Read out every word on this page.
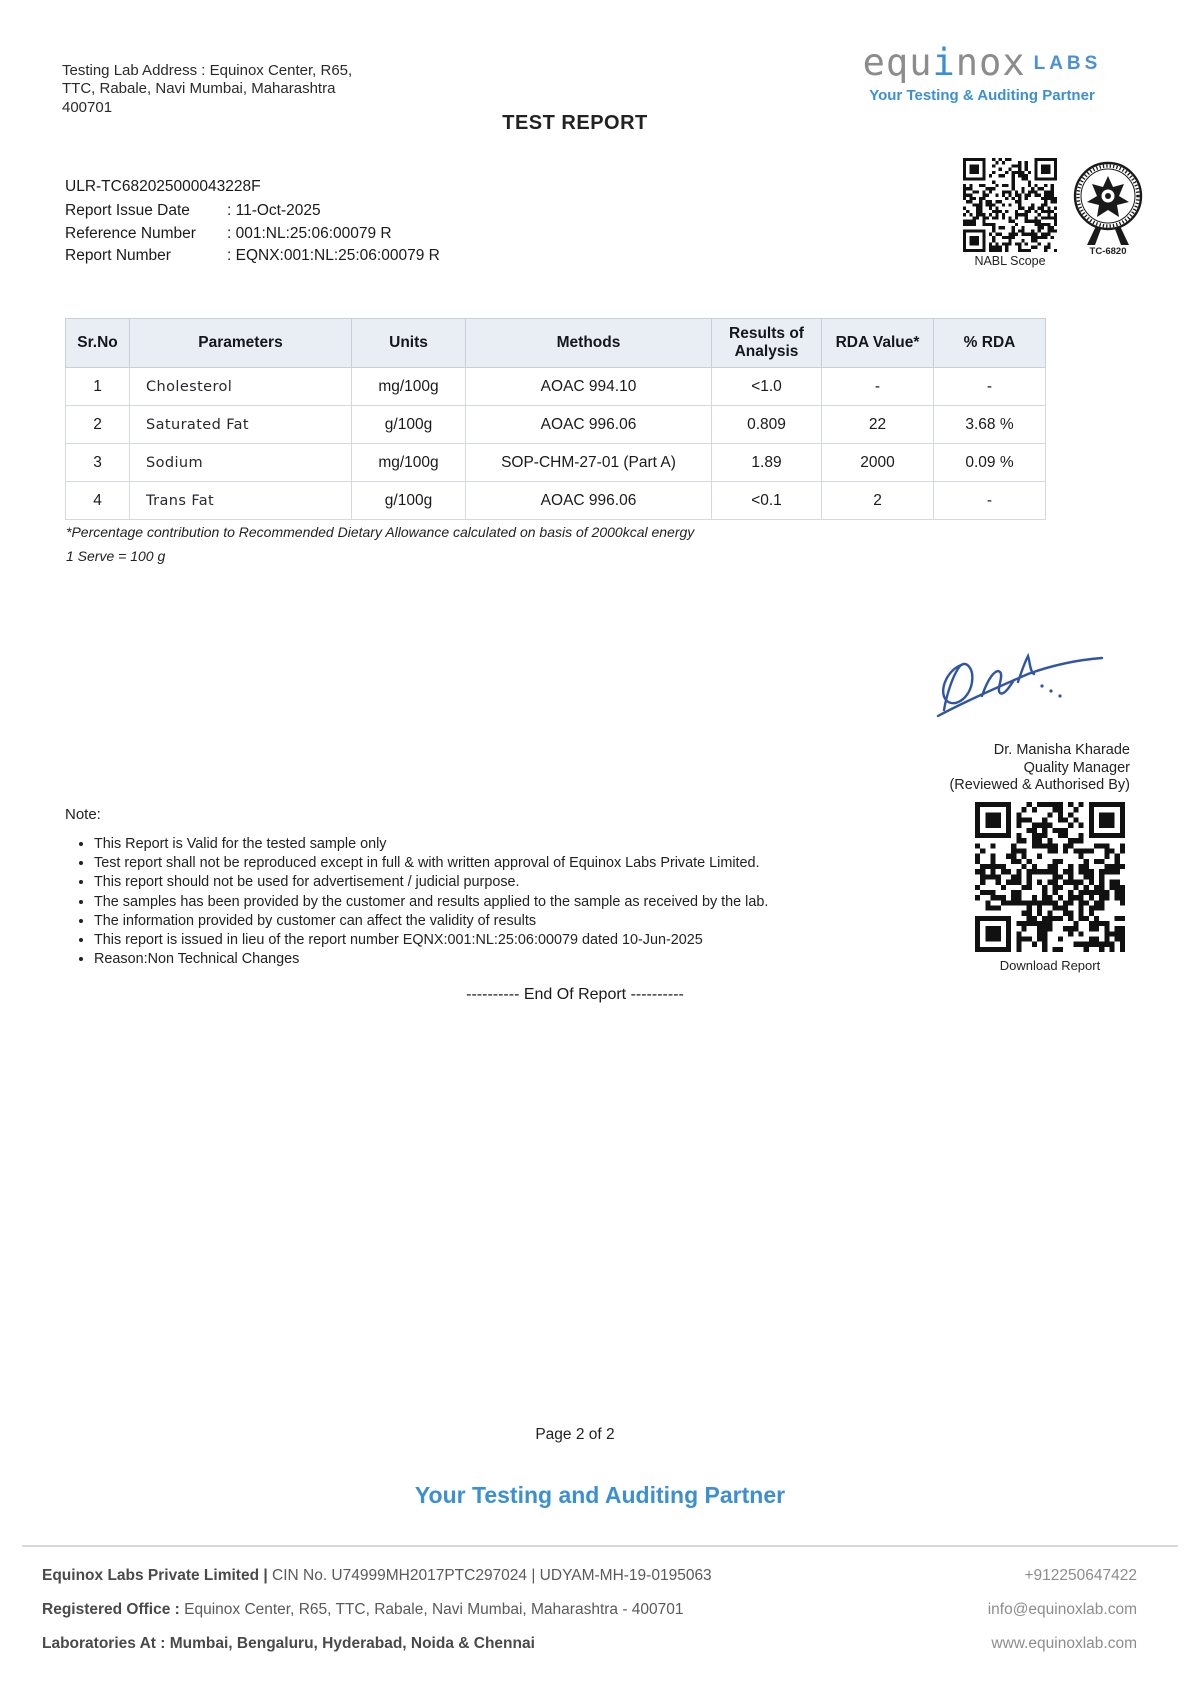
Testing Lab Address : Equinox Center, R65,
TTC, Rabale, Navi Mumbai, Maharashtra
400701
equinox LABS
Your Testing & Auditing Partner
TEST REPORT
ULR-TC682025000043228F
Report Issue Date	: 11-Oct-2025
Reference Number	: 001:NL:25:06:00079 R
Report Number	: EQNX:001:NL:25:06:00079 R	NABL Scope
TC-6820
Sr.No	Parameters	Units	Methods	Results of Analysis	RDA Value*	% RDA
1	Cholesterol	mg/100g	AOAC 994.10	<1.0	-	-
2	Saturated Fat	g/100g	AOAC 996.06	0.809	22	3.68 %
3	Sodium	mg/100g	SOP-CHM-27-01 (Part A)	1.89	2000	0.09 %
4	Trans Fat	g/100g	AOAC 996.06	<0.1	2	-
*Percentage contribution to Recommended Dietary Allowance calculated on basis of 2000kcal energy
1 Serve = 100 g
Dr. Manisha Kharade
Quality Manager
(Reviewed & Authorised By)
Note:
• This Report is Valid for the tested sample only
• Test report shall not be reproduced except in full & with written approval of Equinox Labs Private Limited.
• This report should not be used for advertisement / judicial purpose.
• The samples has been provided by the customer and results applied to the sample as received by the lab.
• The information provided by customer can affect the validity of results
• This report is issued in lieu of the report number EQNX:001:NL:25:06:00079 dated 10-Jun-2025
• Reason:Non Technical Changes	Download Report
---------- End Of Report ----------
Page 2 of 2
Your Testing and Auditing Partner
Equinox Labs Private Limited | CIN No. U74999MH2017PTC297024 | UDYAM-MH-19-0195063	+912250647422
Registered Office : Equinox Center, R65, TTC, Rabale, Navi Mumbai, Maharashtra - 400701	info@equinoxlab.com
Laboratories At : Mumbai, Bengaluru, Hyderabad, Noida & Chennai	www.equinoxlab.com
